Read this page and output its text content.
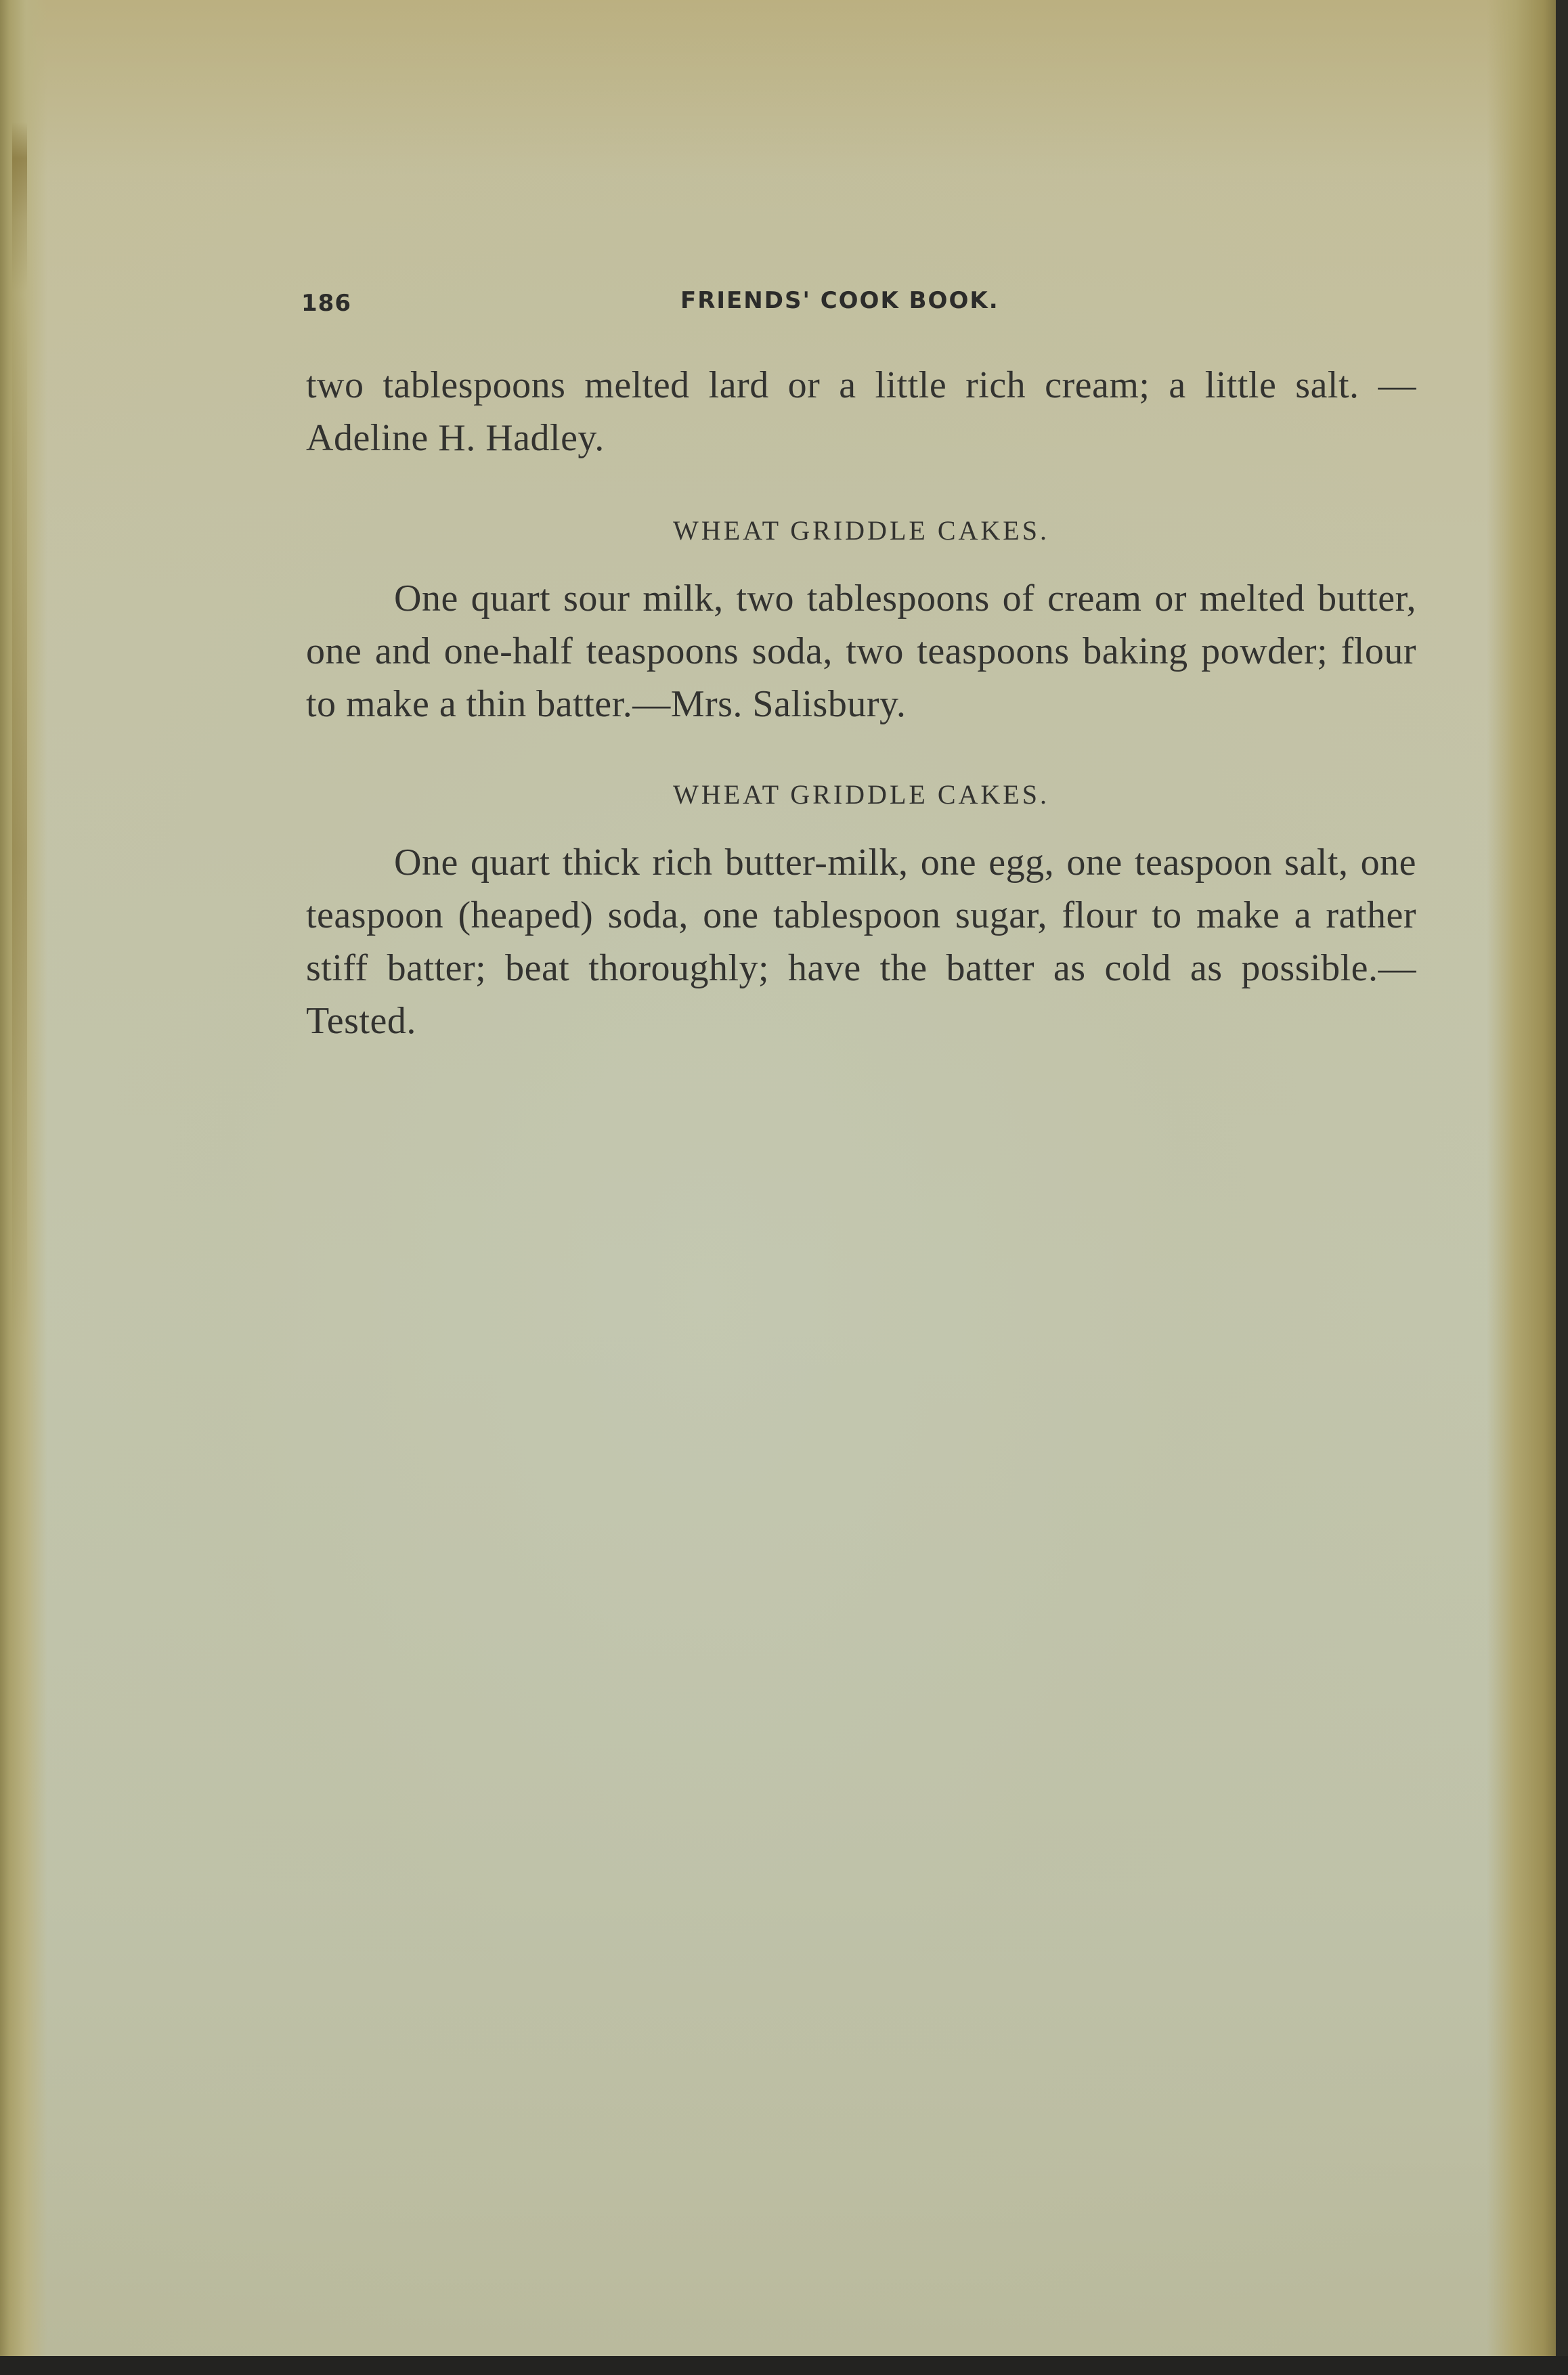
186	FRIENDS' COOK BOOK.
two tablespoons melted lard or a little rich cream; a little salt. —Adeline H. Hadley.
WHEAT GRIDDLE CAKES.
One quart sour milk, two tablespoons of cream or melted butter, one and one-half teaspoons soda, two teaspoons baking powder; flour to make a thin batter.—Mrs. Salisbury.
WHEAT GRIDDLE CAKES.
One quart thick rich butter-milk, one egg, one teaspoon salt, one teaspoon (heaped) soda, one tablespoon sugar, flour to make a rather stiff batter; beat thoroughly; have the batter as cold as possible.—Tested.
